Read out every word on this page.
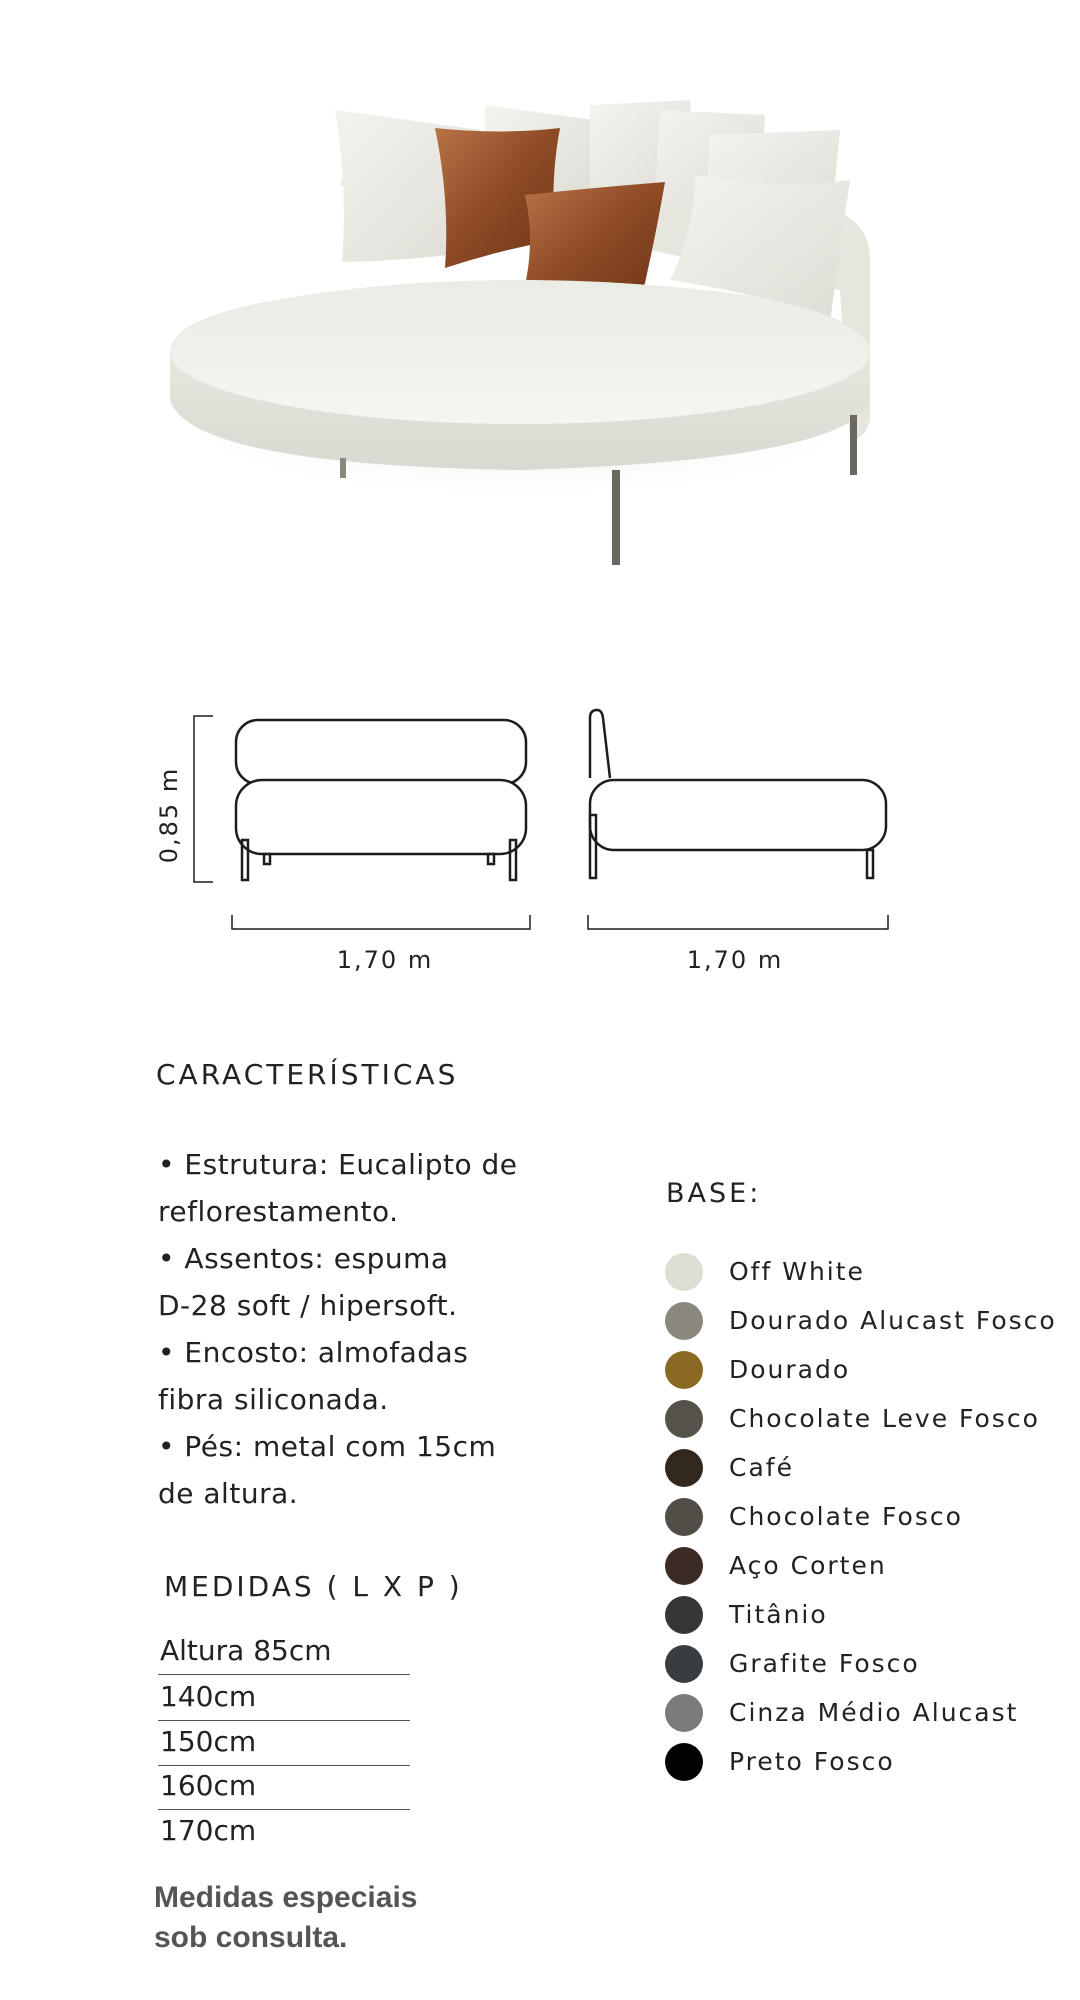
0,85 m
1,70 m	1,70 m
CARACTERÍSTICAS
• Estrutura: Eucalipto de
reflorestamento.
• Assentos: espuma
D-28 soft / hipersoft.
• Encosto: almofadas
fibra siliconada.
• Pés: metal com 15cm
de altura.
MEDIDAS ( L X P )
Altura 85cm
140cm
150cm
160cm
170cm
Medidas especiais
sob consulta.
BASE:
Off White
Dourado Alucast Fosco
Dourado
Chocolate Leve Fosco
Café
Chocolate Fosco
Aço Corten
Titânio
Grafite Fosco
Cinza Médio Alucast
Preto Fosco
